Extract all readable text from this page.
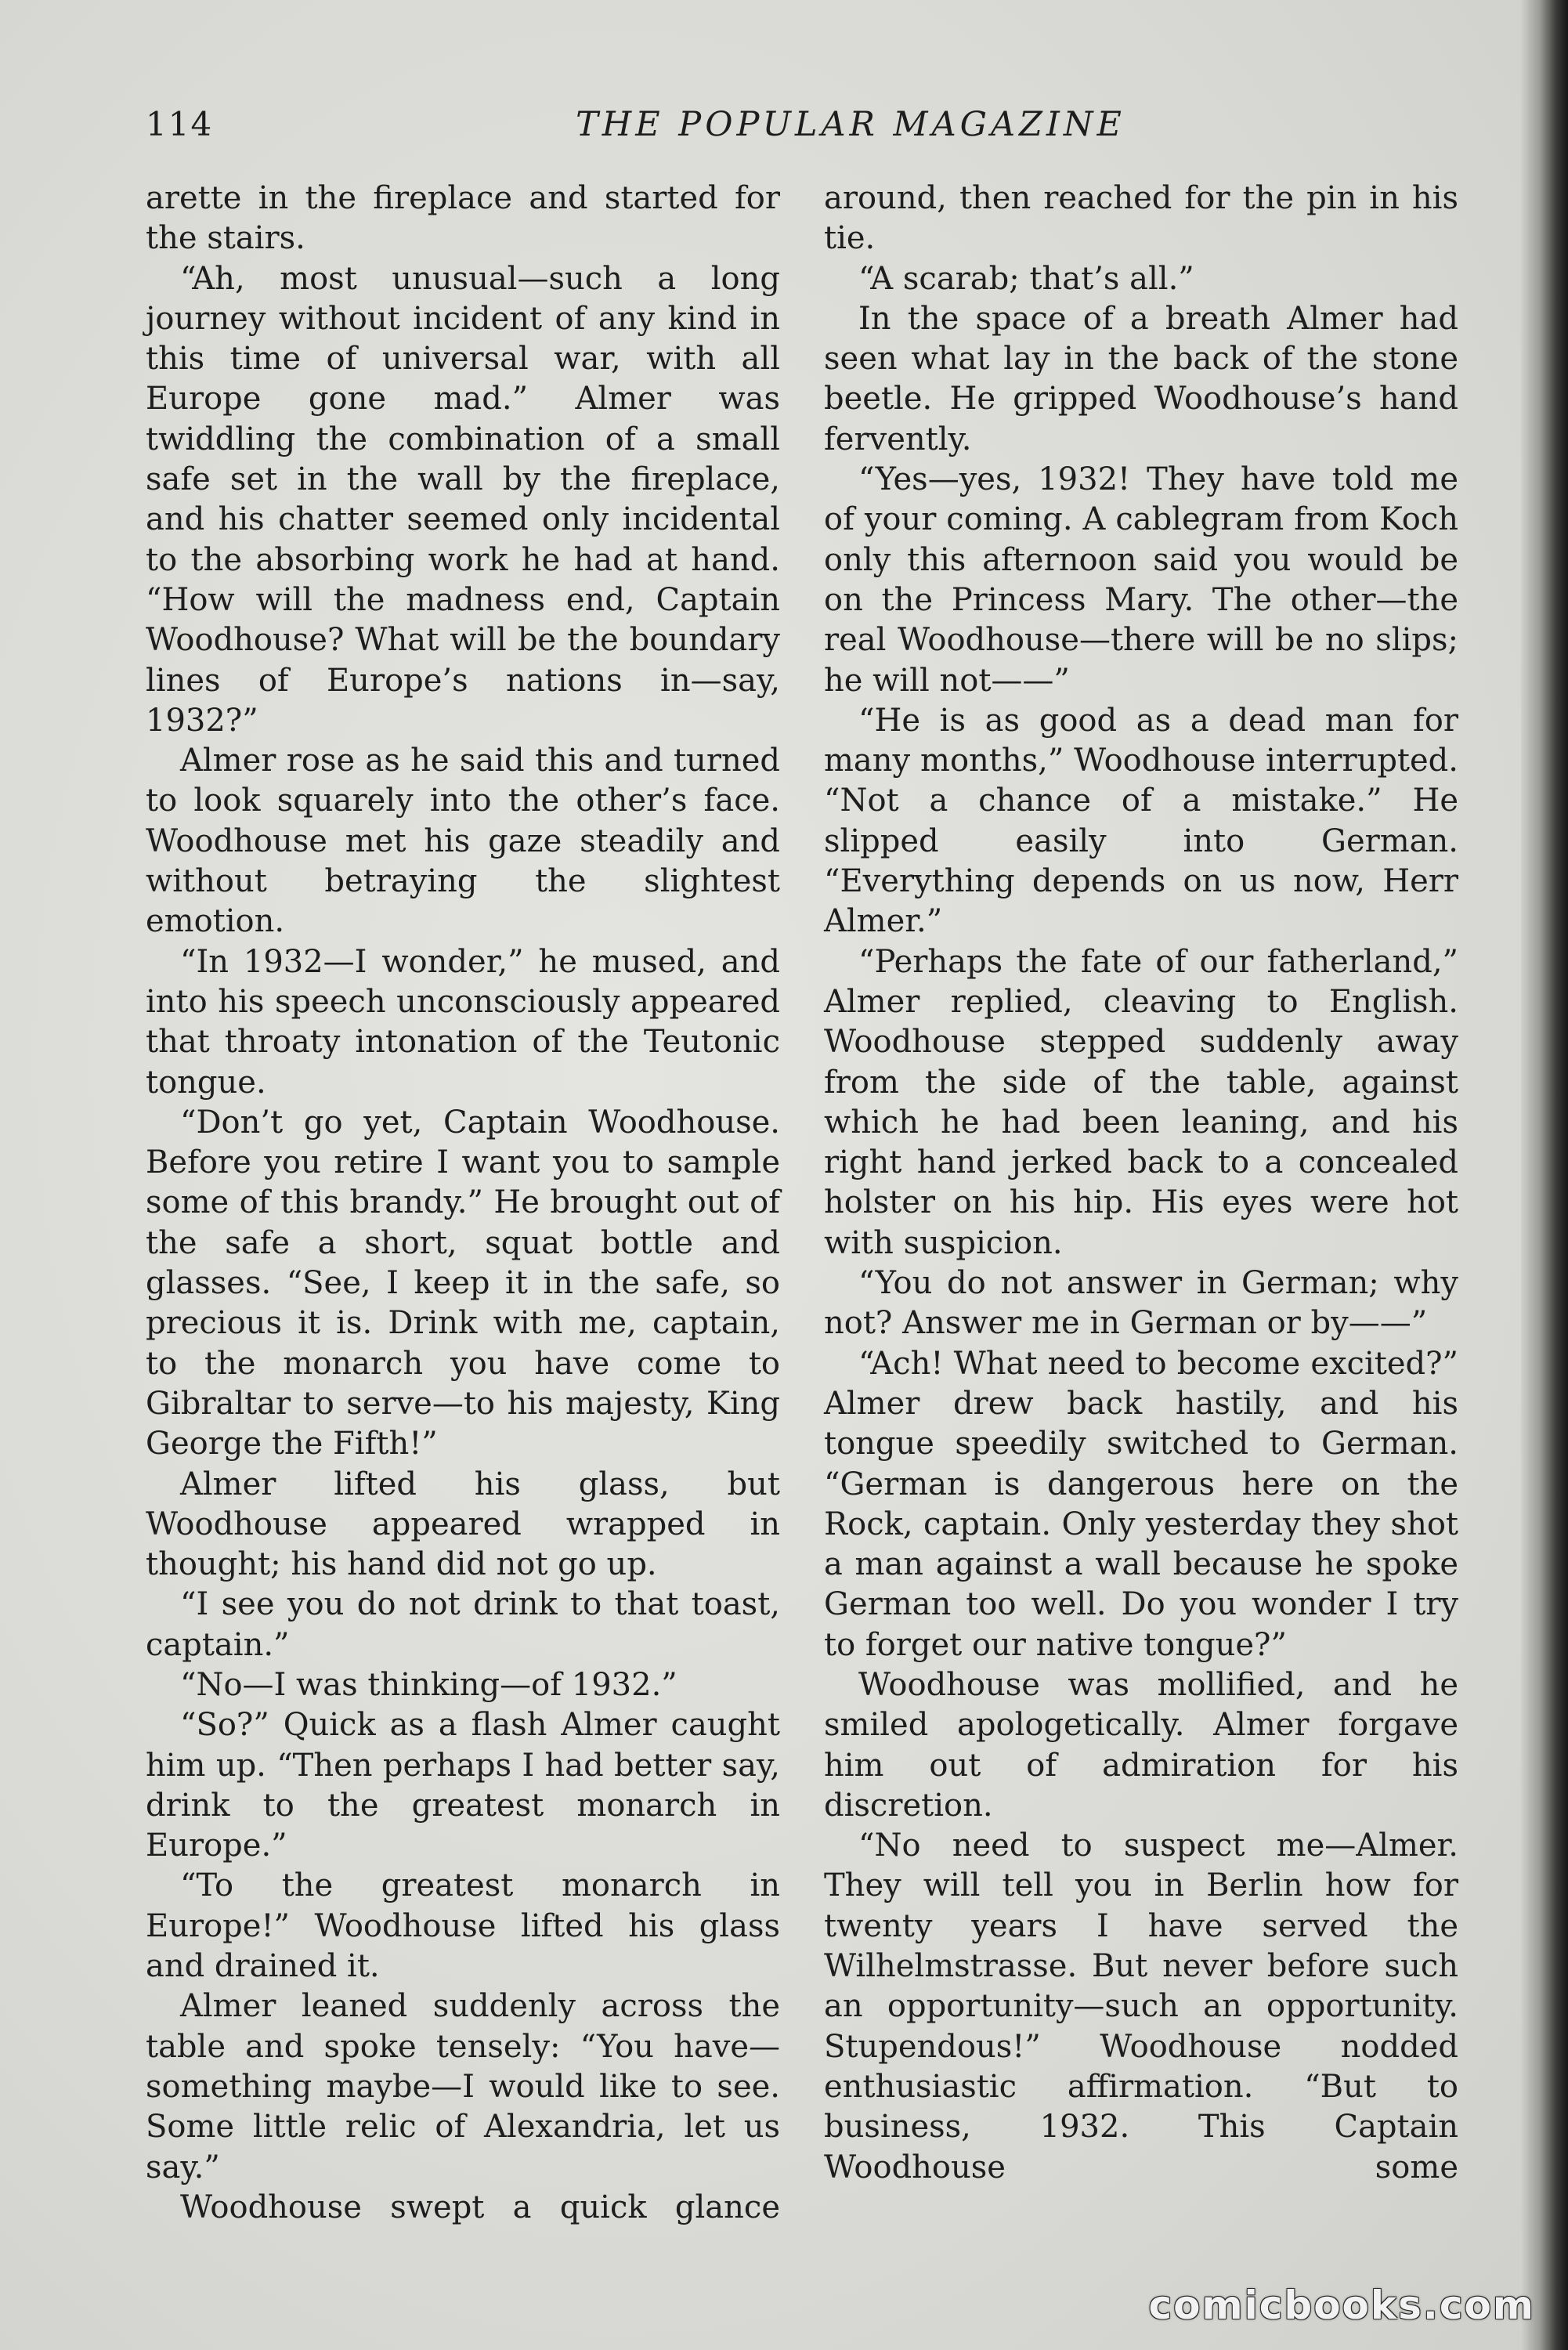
114	THE POPULAR MAGAZINE

arette in the fireplace and started for the stairs.

“Ah, most unusual—such a long journey without incident of any kind in this time of universal war, with all Europe gone mad.” Almer was twiddling the combination of a small safe set in the wall by the fireplace, and his chatter seemed only incidental to the absorbing work he had at hand. “How will the madness end, Captain Woodhouse? What will be the boundary lines of Europe’s nations in—say, 1932?”

Almer rose as he said this and turned to look squarely into the other’s face. Woodhouse met his gaze steadily and without betraying the slightest emotion.

“In 1932—I wonder,” he mused, and into his speech unconsciously appeared that throaty intonation of the Teutonic tongue.

“Don’t go yet, Captain Woodhouse. Before you retire I want you to sample some of this brandy.” He brought out of the safe a short, squat bottle and glasses. “See, I keep it in the safe, so precious it is. Drink with me, captain, to the monarch you have come to Gibraltar to serve—to his majesty, King George the Fifth!”

Almer lifted his glass, but Woodhouse appeared wrapped in thought; his hand did not go up.

“I see you do not drink to that toast, captain.”

“No—I was thinking—of 1932.”

“So?” Quick as a flash Almer caught him up. “Then perhaps I had better say, drink to the greatest monarch in Europe.”

“To the greatest monarch in Europe!” Woodhouse lifted his glass and drained it.

Almer leaned suddenly across the table and spoke tensely: “You have—something maybe—I would like to see. Some little relic of Alexandria, let us say.”

Woodhouse swept a quick glance

around, then reached for the pin in his tie.

“A scarab; that’s all.”

In the space of a breath Almer had seen what lay in the back of the stone beetle. He gripped Woodhouse’s hand fervently.

“Yes—yes, 1932! They have told me of your coming. A cablegram from Koch only this afternoon said you would be on the Princess Mary. The other—the real Woodhouse—there will be no slips; he will not——”

“He is as good as a dead man for many months,” Woodhouse interrupted. “Not a chance of a mistake.” He slipped easily into German. “Everything depends on us now, Herr Almer.”

“Perhaps the fate of our fatherland,” Almer replied, cleaving to English. Woodhouse stepped suddenly away from the side of the table, against which he had been leaning, and his right hand jerked back to a concealed holster on his hip. His eyes were hot with suspicion.

“You do not answer in German; why not? Answer me in German or by——”

“Ach! What need to become excited?” Almer drew back hastily, and his tongue speedily switched to German. “German is dangerous here on the Rock, captain. Only yesterday they shot a man against a wall because he spoke German too well. Do you wonder I try to forget our native tongue?”

Woodhouse was mollified, and he smiled apologetically. Almer forgave him out of admiration for his discretion.

“No need to suspect me—Almer. They will tell you in Berlin how for twenty years I have served the Wilhelmstrasse. But never before such an opportunity—such an opportunity. Stupendous!” Woodhouse nodded enthusiastic affirmation. “But to business, 1932. This Captain Woodhouse some

comicbooks.com
